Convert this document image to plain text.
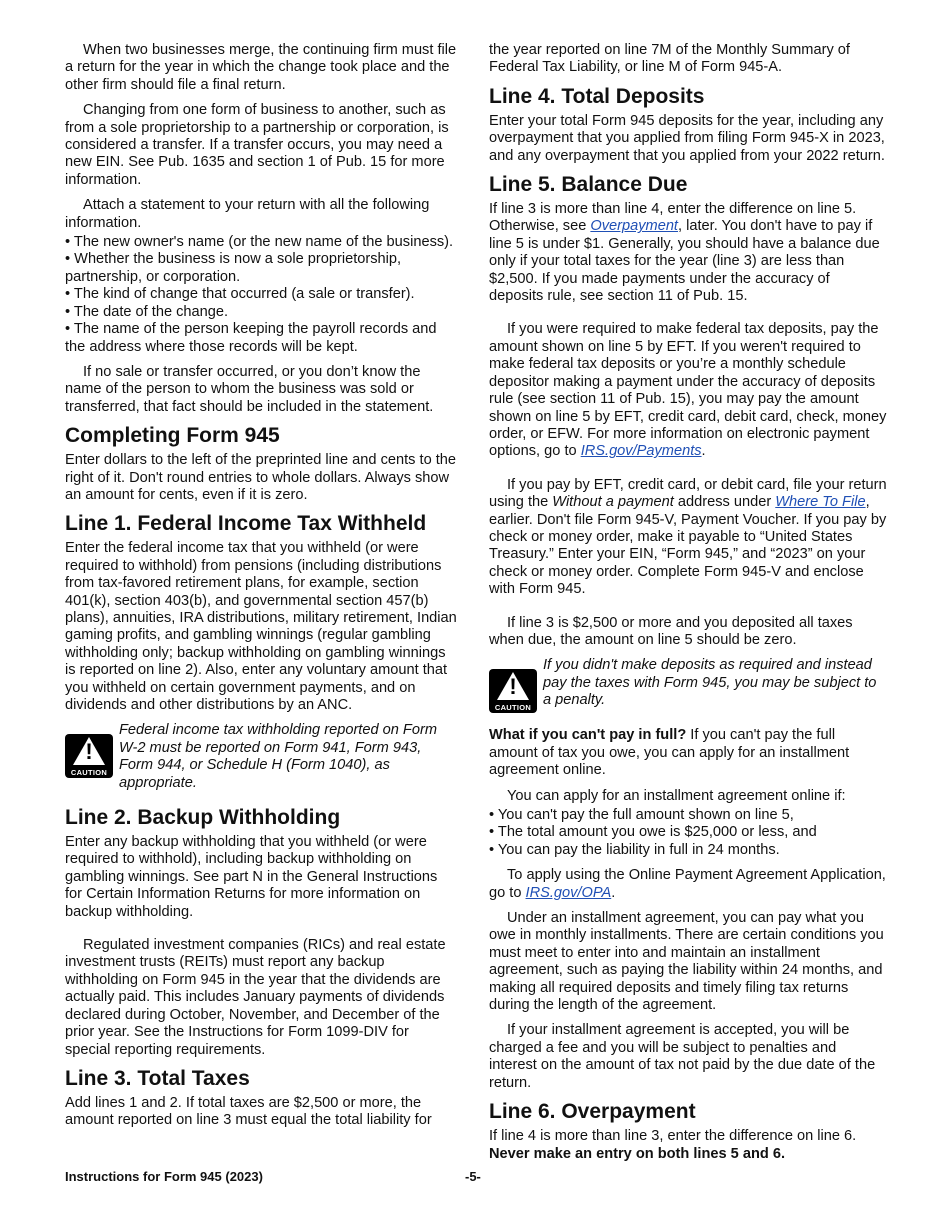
When two businesses merge, the continuing firm must file a return for the year in which the change took place and the other firm should file a final return.
Changing from one form of business to another, such as from a sole proprietorship to a partnership or corporation, is considered a transfer. If a transfer occurs, you may need a new EIN. See Pub. 1635 and section 1 of Pub. 15 for more information.
Attach a statement to your return with all the following information.
• The new owner's name (or the new name of the business).
• Whether the business is now a sole proprietorship, partnership, or corporation.
• The kind of change that occurred (a sale or transfer).
• The date of the change.
• The name of the person keeping the payroll records and the address where those records will be kept.
If no sale or transfer occurred, or you don’t know the name of the person to whom the business was sold or transferred, that fact should be included in the statement.
Completing Form 945
Enter dollars to the left of the preprinted line and cents to the right of it. Don't round entries to whole dollars. Always show an amount for cents, even if it is zero.
Line 1. Federal Income Tax Withheld
Enter the federal income tax that you withheld (or were required to withhold) from pensions (including distributions from tax-favored retirement plans, for example, section 401(k), section 403(b), and governmental section 457(b) plans), annuities, IRA distributions, military retirement, Indian gaming profits, and gambling winnings (regular gambling withholding only; backup withholding on gambling winnings is reported on line 2). Also, enter any voluntary amount that you withheld on certain government payments, and on dividends and other distributions by an ANC.
!
CAUTION
Federal income tax withholding reported on Form W-2 must be reported on Form 941, Form 943, Form 944, or Schedule H (Form 1040), as appropriate.
Line 2. Backup Withholding
Enter any backup withholding that you withheld (or were required to withhold), including backup withholding on gambling winnings. See part N in the General Instructions for Certain Information Returns for more information on backup withholding.
Regulated investment companies (RICs) and real estate investment trusts (REITs) must report any backup withholding on Form 945 in the year that the dividends are actually paid. This includes January payments of dividends declared during October, November, and December of the prior year. See the Instructions for Form 1099-DIV for special reporting requirements.
Line 3. Total Taxes
Add lines 1 and 2. If total taxes are $2,500 or more, the amount reported on line 3 must equal the total liability for
the year reported on line 7M of the Monthly Summary of Federal Tax Liability, or line M of Form 945-A.
Line 4. Total Deposits
Enter your total Form 945 deposits for the year, including any overpayment that you applied from filing Form 945-X in 2023, and any overpayment that you applied from your 2022 return.
Line 5. Balance Due
If line 3 is more than line 4, enter the difference on line 5. Otherwise, see Overpayment, later. You don't have to pay if line 5 is under $1. Generally, you should have a balance due only if your total taxes for the year (line 3) are less than $2,500. If you made payments under the accuracy of deposits rule, see section 11 of Pub. 15.
If you were required to make federal tax deposits, pay the amount shown on line 5 by EFT. If you weren't required to make federal tax deposits or you’re a monthly schedule depositor making a payment under the accuracy of deposits rule (see section 11 of Pub. 15), you may pay the amount shown on line 5 by EFT, credit card, debit card, check, money order, or EFW. For more information on electronic payment options, go to IRS.gov/Payments.
If you pay by EFT, credit card, or debit card, file your return using the Without a payment address under Where To File, earlier. Don't file Form 945-V, Payment Voucher. If you pay by check or money order, make it payable to “United States Treasury.” Enter your EIN, “Form 945,” and “2023” on your check or money order. Complete Form 945-V and enclose with Form 945.
If line 3 is $2,500 or more and you deposited all taxes when due, the amount on line 5 should be zero.
!
CAUTION
If you didn't make deposits as required and instead pay the taxes with Form 945, you may be subject to a penalty.
What if you can't pay in full? If you can't pay the full amount of tax you owe, you can apply for an installment agreement online.
You can apply for an installment agreement online if:
• You can't pay the full amount shown on line 5,
• The total amount you owe is $25,000 or less, and
• You can pay the liability in full in 24 months.
To apply using the Online Payment Agreement Application, go to IRS.gov/OPA.
Under an installment agreement, you can pay what you owe in monthly installments. There are certain conditions you must meet to enter into and maintain an installment agreement, such as paying the liability within 24 months, and making all required deposits and timely filing tax returns during the length of the agreement.
If your installment agreement is accepted, you will be charged a fee and you will be subject to penalties and interest on the amount of tax not paid by the due date of the return.
Line 6. Overpayment
If line 4 is more than line 3, enter the difference on line 6. Never make an entry on both lines 5 and 6.
Instructions for Form 945 (2023)	-5-
